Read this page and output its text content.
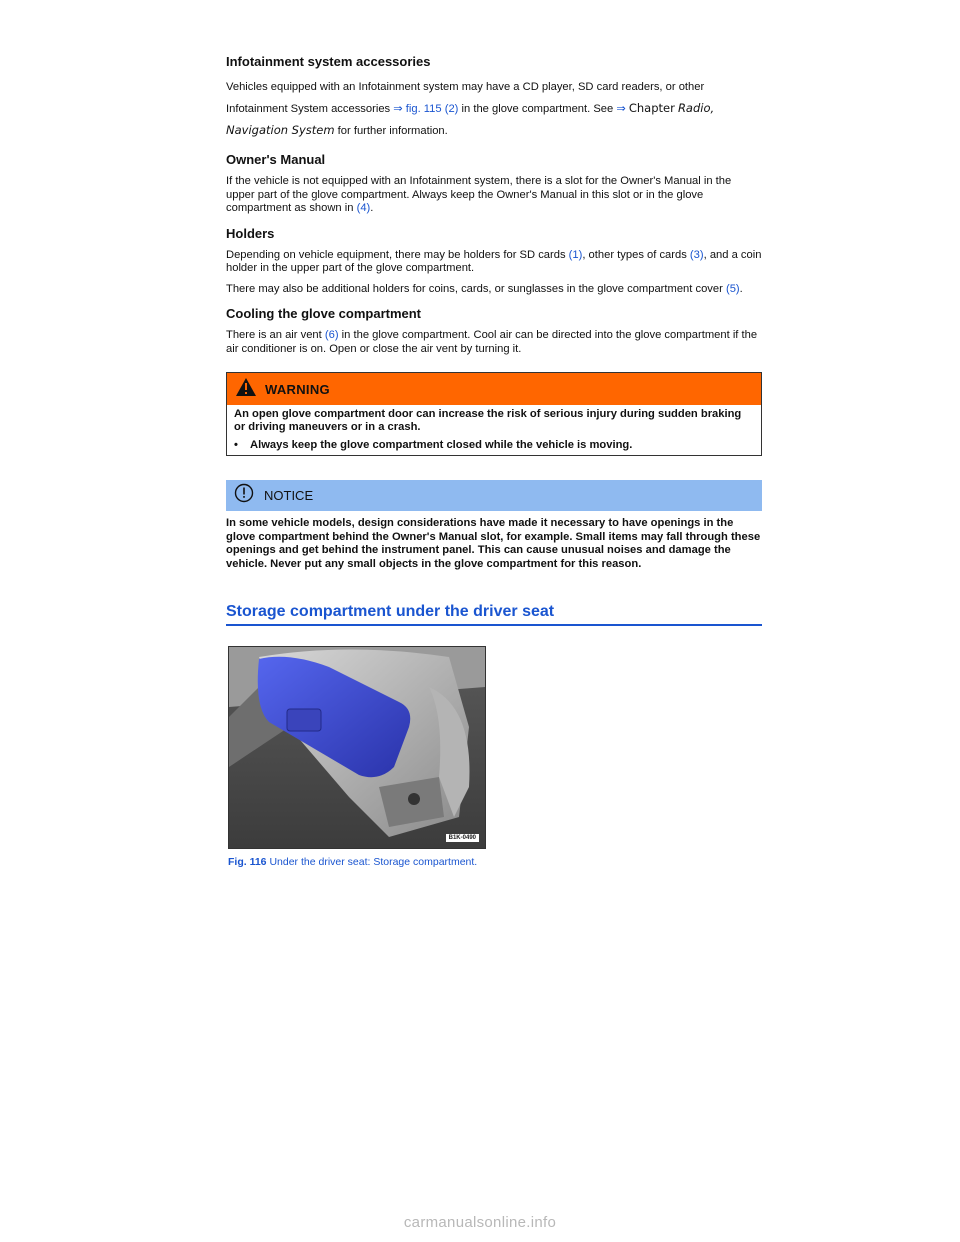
Infotainment system accessories

Vehicles equipped with an Infotainment system may have a CD player, SD card readers, or other Infotainment System accessories ⇒ fig. 115 (2) in the glove compartment. See ⇒ Chapter Radio, Navigation System for further information.

Owner's Manual

If the vehicle is not equipped with an Infotainment system, there is a slot for the Owner's Manual in the upper part of the glove compartment. Always keep the Owner's Manual in this slot or in the glove compartment as shown in (4).

Holders

Depending on vehicle equipment, there may be holders for SD cards (1), other types of cards (3), and a coin holder in the upper part of the glove compartment.

There may also be additional holders for coins, cards, or sunglasses in the glove compartment cover (5).

Cooling the glove compartment

There is an air vent (6) in the glove compartment. Cool air can be directed into the glove compartment if the air conditioner is on. Open or close the air vent by turning it.

WARNING
An open glove compartment door can increase the risk of serious injury during sudden braking or driving maneuvers or in a crash.
•	Always keep the glove compartment closed while the vehicle is moving.
NOTICE
In some vehicle models, design considerations have made it necessary to have openings in the glove compartment behind the Owner's Manual slot, for example. Small items may fall through these openings and get behind the instrument panel. This can cause unusual noises and damage the vehicle. Never put any small objects in the glove compartment for this reason.
Storage compartment under the driver seat
B1K-0490
Fig. 116 Under the driver seat: Storage compartment.
carmanualsonline.info
